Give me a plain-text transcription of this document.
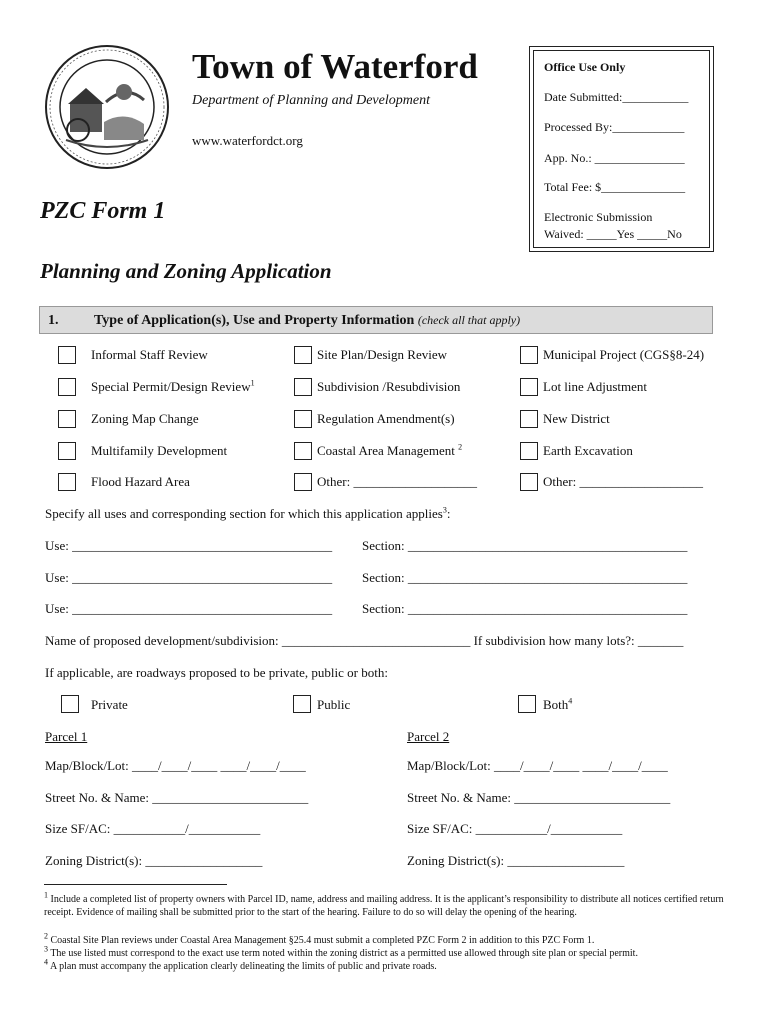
Town of Waterford
Department of Planning and Development
www.waterfordct.org
Office Use Only
Date Submitted:___________
Processed By:____________
App. No.: _______________
Total Fee: $______________
Electronic Submission
Waived: _____Yes _____No
PZC Form 1
Planning and Zoning Application
1.	Type of Application(s), Use and Property Information (check all that apply)
Informal Staff Review	Site Plan/Design Review	Municipal Project (CGS§8-24)
Special Permit/Design Review$^1$	Subdivision /Resubdivision	Lot line Adjustment
Zoning Map Change	Regulation Amendment(s)	New District
Multifamily Development	Coastal Area Management $^2$	Earth Excavation
Flood Hazard Area	Other: ___________________	Other: ___________________
Specify all uses and corresponding section for which this application applies$^3$:
Use: ________________________________________ Section: ___________________________________________
Use: ________________________________________ Section: ___________________________________________
Use: ________________________________________ Section: ___________________________________________
Name of proposed development/subdivision: _____________________________ If subdivision how many lots?: _______
If applicable, are roadways proposed to be private, public or both:
Private	Public	Both$^4$
Parcel 1	Parcel 2
Map/Block/Lot: ____/____/____ ____/____/____	Map/Block/Lot: ____/____/____ ____/____/____
Street No. & Name: ________________________	Street No. & Name: ________________________
Size SF/AC: ___________/___________	Size SF/AC: ___________/___________
Zoning District(s): __________________	Zoning District(s): __________________
$^1$ Include a completed list of property owners with Parcel ID, name, address and mailing address. It is the applicant’s responsibility to distribute all notices certified return receipt. Evidence of mailing shall be submitted prior to the start of the hearing. Failure to do so will delay the opening of the hearing.
$^2$ Coastal Site Plan reviews under Coastal Area Management §25.4 must submit a completed PZC Form 2 in addition to this PZC Form 1.
$^3$ The use listed must correspond to the exact use term noted within the zoning district as a permitted use allowed through site plan or special permit.
$^4$ A plan must accompany the application clearly delineating the limits of public and private roads.
